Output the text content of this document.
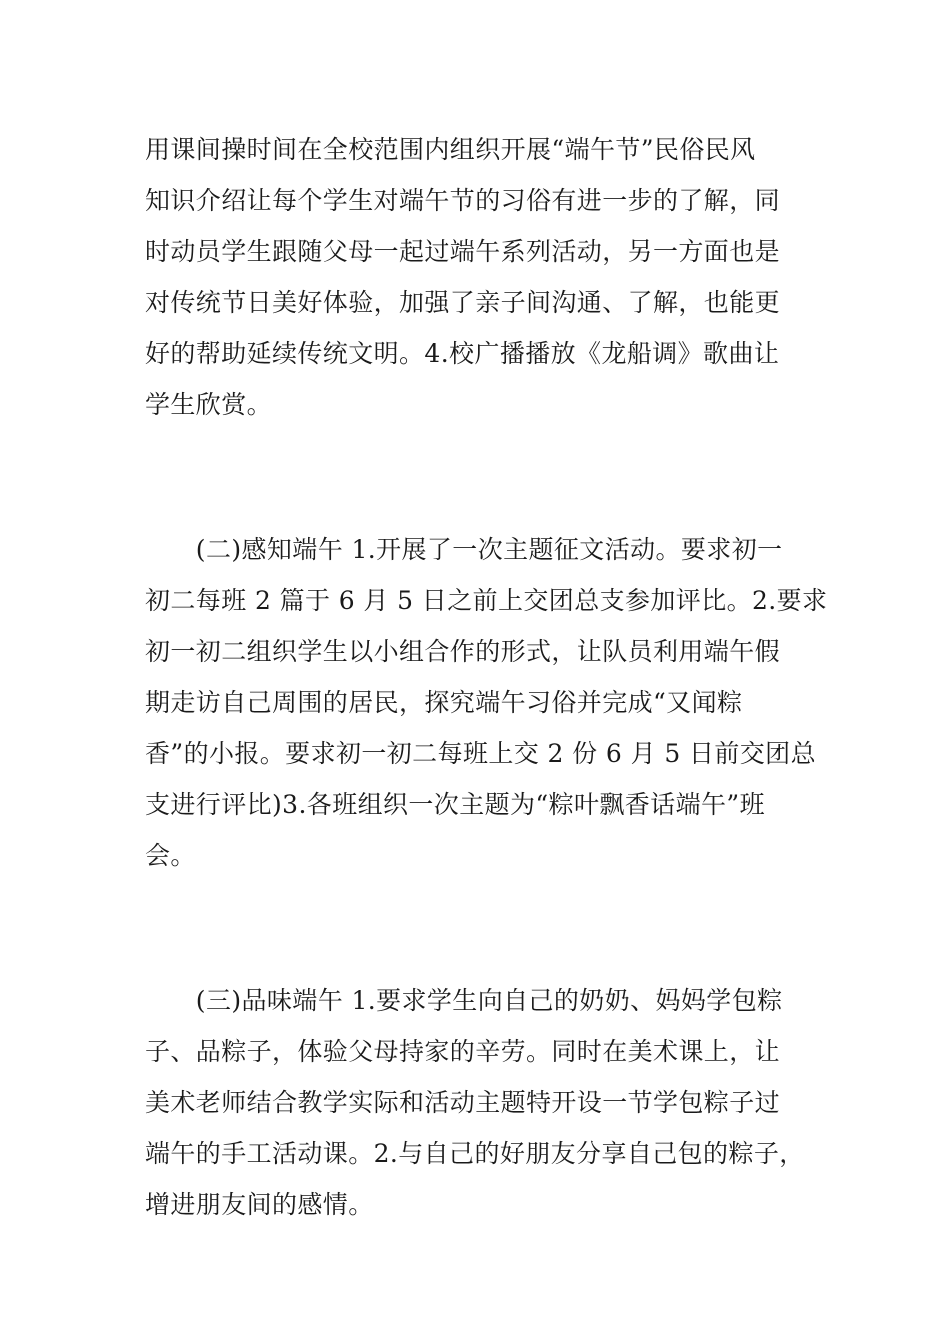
用课间操时间在全校范围内组织开展“端午节”民俗民风
知识介绍让每个学生对端午节的习俗有进一步的了解，同
时动员学生跟随父母一起过端午系列活动，另一方面也是
对传统节日美好体验，加强了亲子间沟通、了解，也能更
好的帮助延续传统文明。4.校广播播放《龙船调》歌曲让
学生欣赏。
　　(二)感知端午 1.开展了一次主题征文活动。要求初一
初二每班 2 篇于 6 月 5 日之前上交团总支参加评比。2.要求
初一初二组织学生以小组合作的形式，让队员利用端午假
期走访自己周围的居民，探究端午习俗并完成“又闻粽
香”的小报。要求初一初二每班上交 2 份 6 月 5 日前交团总
支进行评比)3.各班组织一次主题为“粽叶飘香话端午”班
会。
　　(三)品味端午 1.要求学生向自己的奶奶、妈妈学包粽
子、品粽子，体验父母持家的辛劳。同时在美术课上，让
美术老师结合教学实际和活动主题特开设一节学包粽子过
端午的手工活动课。2.与自己的好朋友分享自己包的粽子，
增进朋友间的感情。
